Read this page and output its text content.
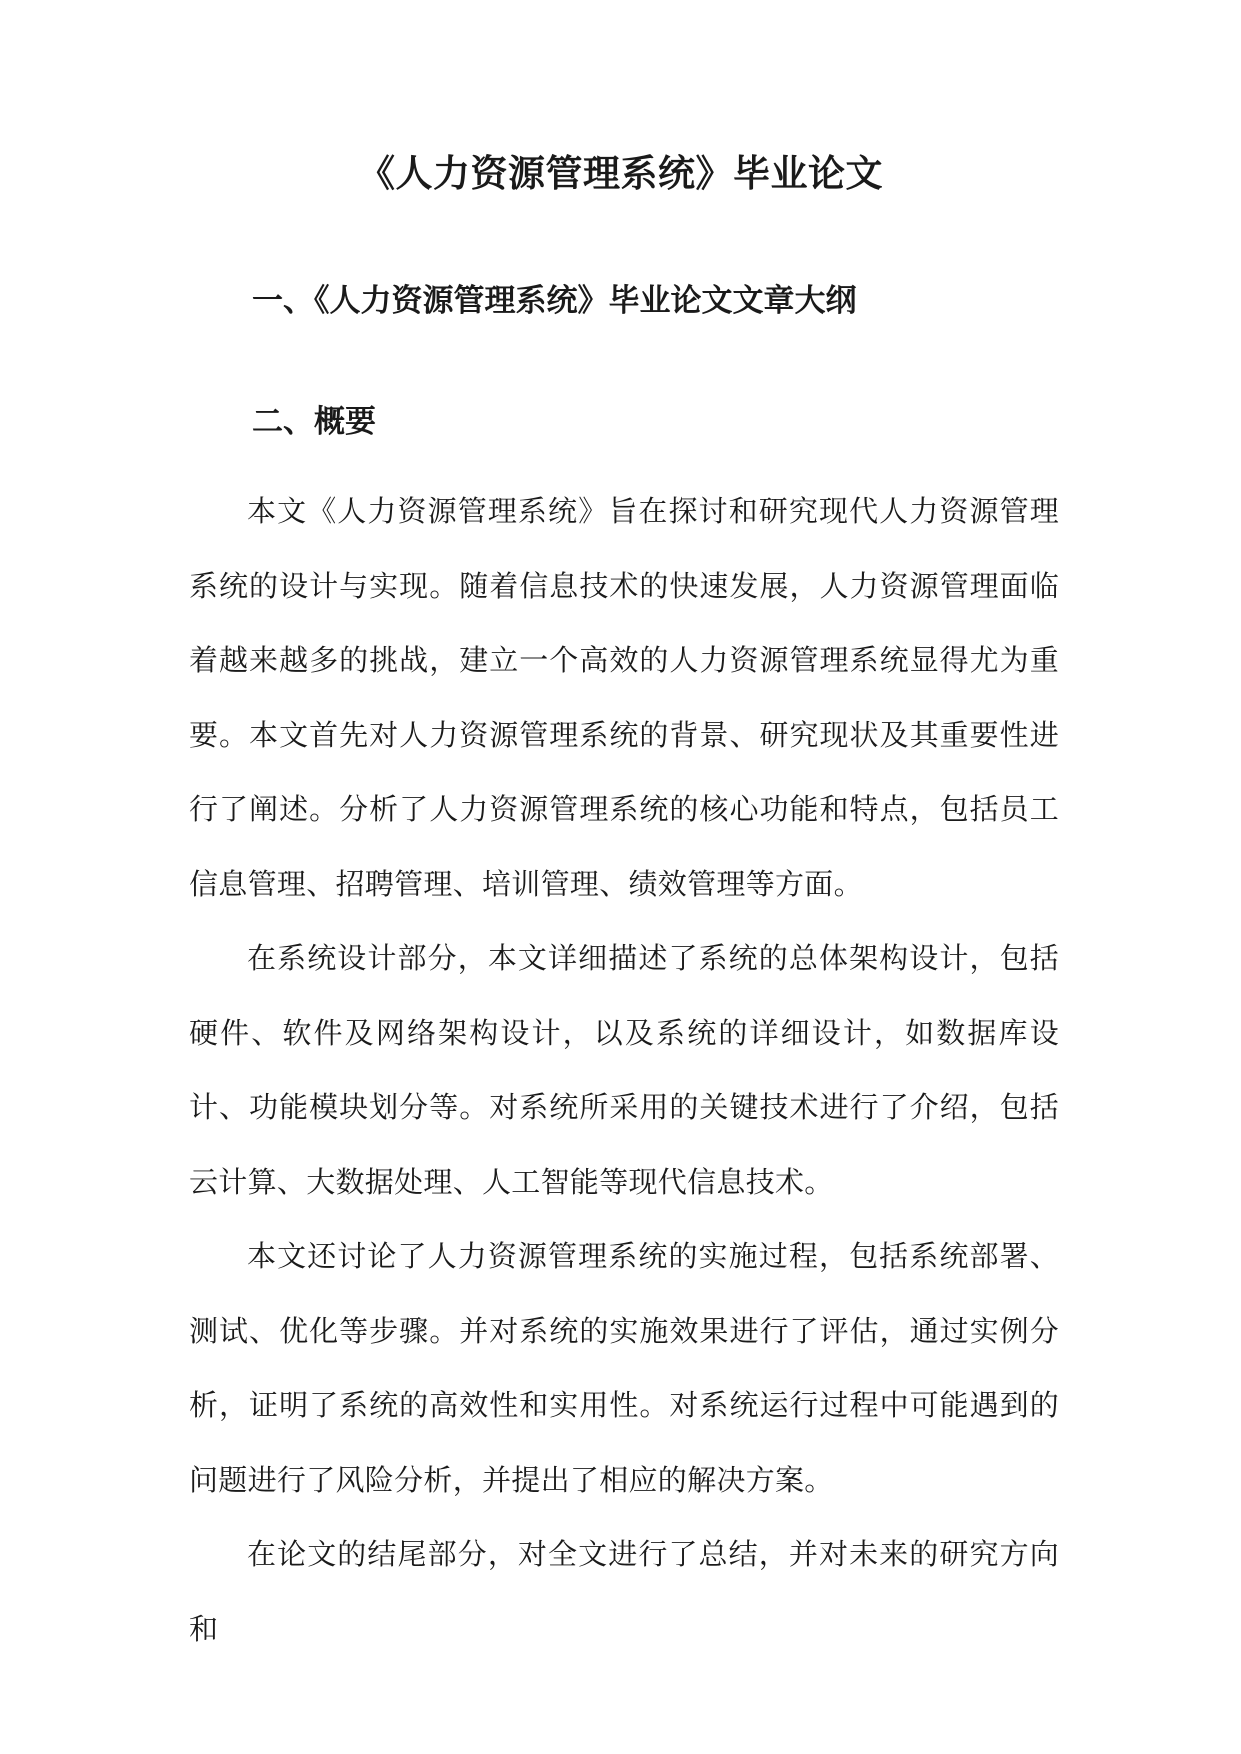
《人力资源管理系统》毕业论文
一、《人力资源管理系统》毕业论文文章大纲
二、概要

本文《人力资源管理系统》旨在探讨和研究现代人力资源管理系统的设计与实现。随着信息技术的快速发展，人力资源管理面临着越来越多的挑战，建立一个高效的人力资源管理系统显得尤为重要。本文首先对人力资源管理系统的背景、研究现状及其重要性进行了阐述。分析了人力资源管理系统的核心功能和特点，包括员工信息管理、招聘管理、培训管理、绩效管理等方面。

在系统设计部分，本文详细描述了系统的总体架构设计，包括硬件、软件及网络架构设计，以及系统的详细设计，如数据库设计、功能模块划分等。对系统所采用的关键技术进行了介绍，包括云计算、大数据处理、人工智能等现代信息技术。

本文还讨论了人力资源管理系统的实施过程，包括系统部署、测试、优化等步骤。并对系统的实施效果进行了评估，通过实例分析，证明了系统的高效性和实用性。对系统运行过程中可能遇到的问题进行了风险分析，并提出了相应的解决方案。

在论文的结尾部分，对全文进行了总结，并对未来的研究方向和
